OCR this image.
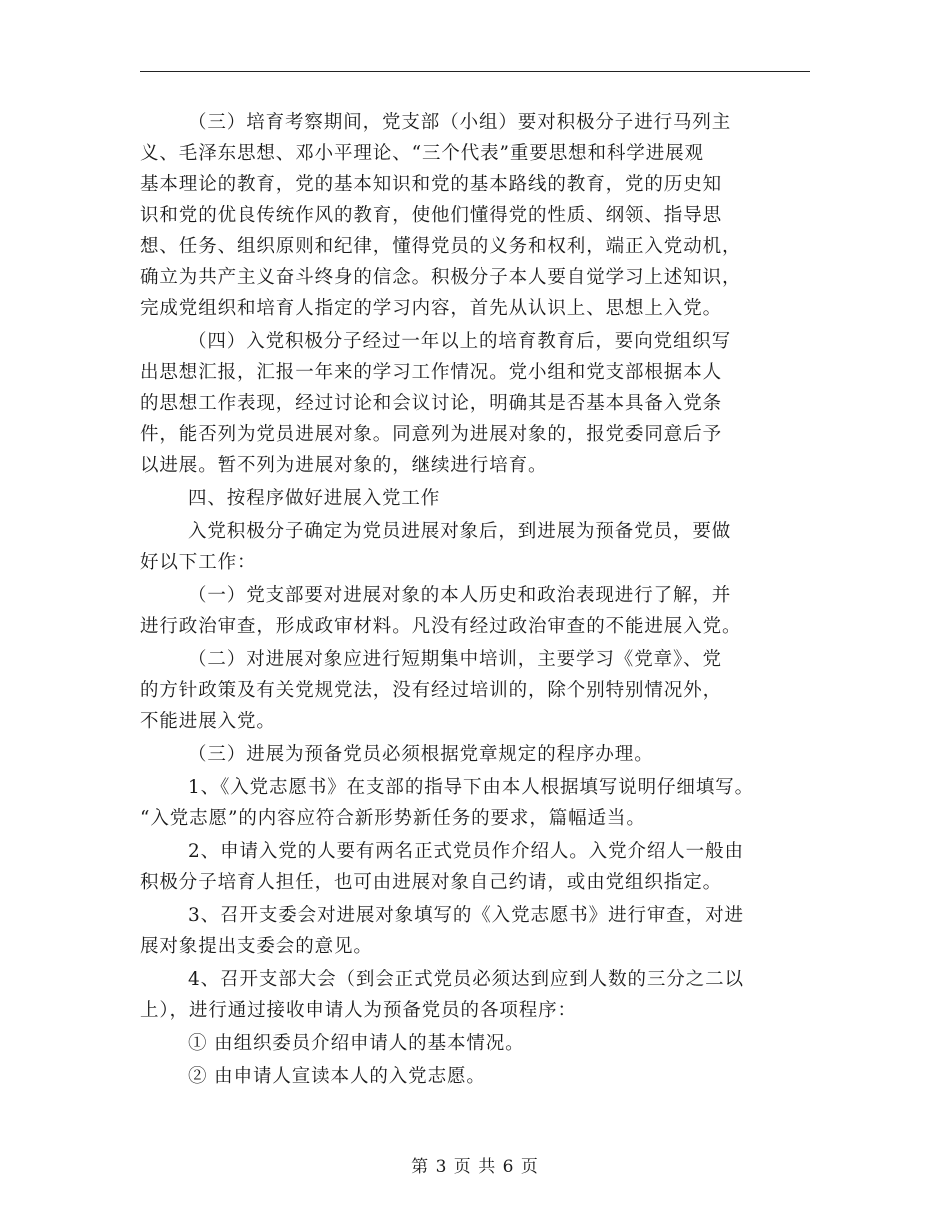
（三）培育考察期间，党支部（小组）要对积极分子进行马列主
义、毛泽东思想、邓小平理论、“三个代表”重要思想和科学进展观
基本理论的教育，党的基本知识和党的基本路线的教育，党的历史知
识和党的优良传统作风的教育，使他们懂得党的性质、纲领、指导思
想、任务、组织原则和纪律，懂得党员的义务和权利，端正入党动机，
确立为共产主义奋斗终身的信念。积极分子本人要自觉学习上述知识，
完成党组织和培育人指定的学习内容，首先从认识上、思想上入党。

（四）入党积极分子经过一年以上的培育教育后，要向党组织写
出思想汇报，汇报一年来的学习工作情况。党小组和党支部根据本人
的思想工作表现，经过讨论和会议讨论，明确其是否基本具备入党条
件，能否列为党员进展对象。同意列为进展对象的，报党委同意后予
以进展。暂不列为进展对象的，继续进行培育。

四、按程序做好进展入党工作

入党积极分子确定为党员进展对象后，到进展为预备党员，要做
好以下工作：

（一）党支部要对进展对象的本人历史和政治表现进行了解，并
进行政治审查，形成政审材料。凡没有经过政治审查的不能进展入党。

（二）对进展对象应进行短期集中培训，主要学习《党章》、党
的方针政策及有关党规党法，没有经过培训的，除个别特别情况外，
不能进展入党。

（三）进展为预备党员必须根据党章规定的程序办理。

1、《入党志愿书》在支部的指导下由本人根据填写说明仔细填写。
“入党志愿”的内容应符合新形势新任务的要求，篇幅适当。

2、申请入党的人要有两名正式党员作介绍人。入党介绍人一般由
积极分子培育人担任，也可由进展对象自己约请，或由党组织指定。

3、召开支委会对进展对象填写的《入党志愿书》进行审查，对进
展对象提出支委会的意见。

4、召开支部大会（到会正式党员必须达到应到人数的三分之二以
上），进行通过接收申请人为预备党员的各项程序：

① 由组织委员介绍申请人的基本情况。

② 由申请人宣读本人的入党志愿。

第 3 页 共 6 页
